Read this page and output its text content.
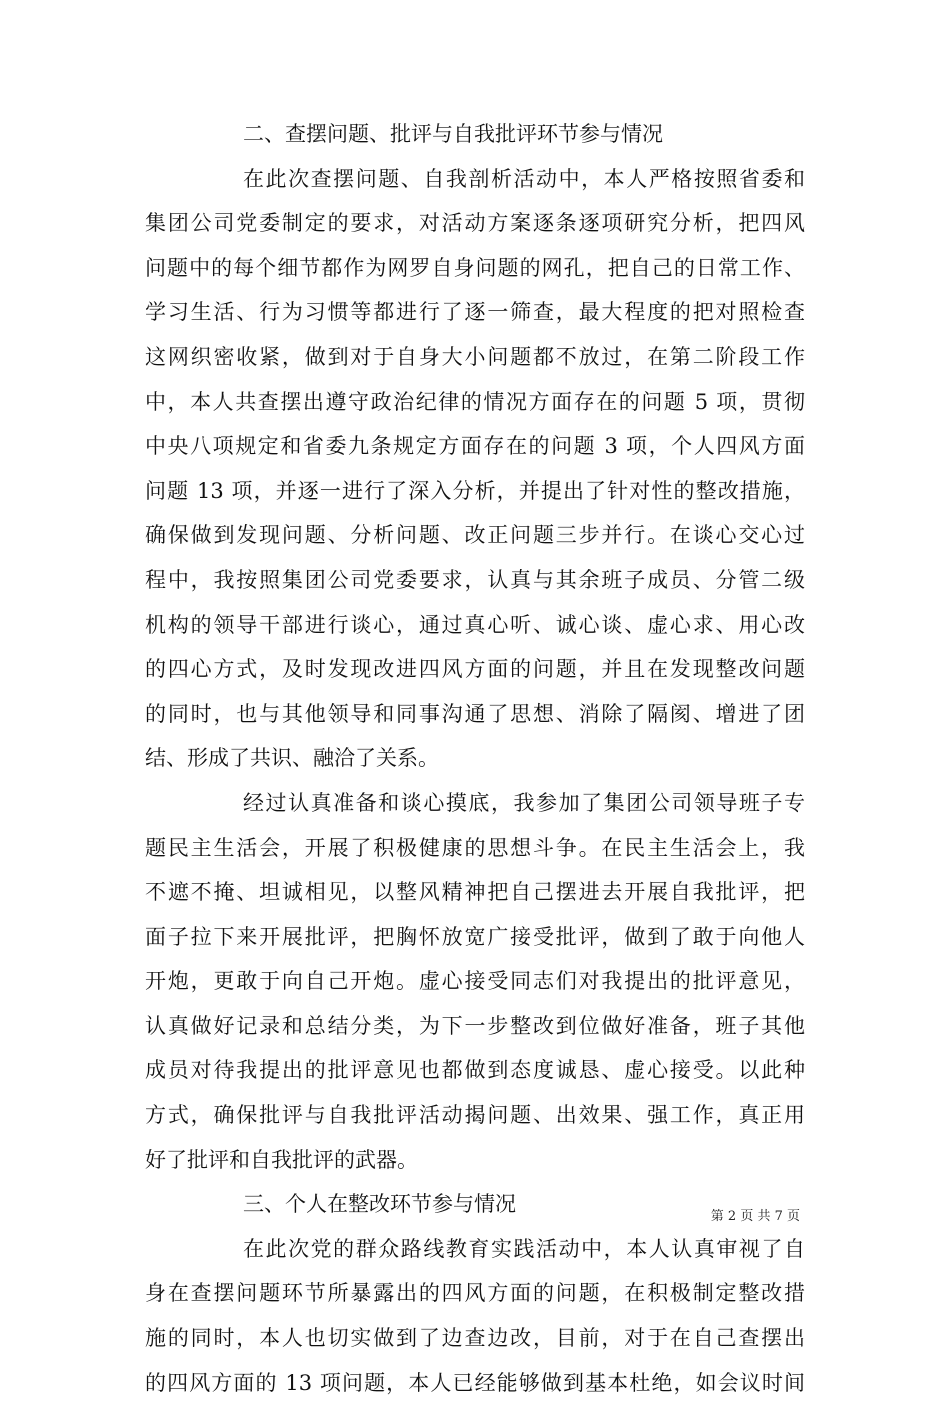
二、查摆问题、批评与自我批评环节参与情况
在此次查摆问题、自我剖析活动中，本人严格按照省委和
集团公司党委制定的要求，对活动方案逐条逐项研究分析，把四风
问题中的每个细节都作为网罗自身问题的网孔，把自己的日常工作、
学习生活、行为习惯等都进行了逐一筛查，最大程度的把对照检查
这网织密收紧，做到对于自身大小问题都不放过，在第二阶段工作
中，本人共查摆出遵守政治纪律的情况方面存在的问题 5 项，贯彻
中央八项规定和省委九条规定方面存在的问题 3 项，个人四风方面
问题 13 项，并逐一进行了深入分析，并提出了针对性的整改措施，
确保做到发现问题、分析问题、改正问题三步并行。在谈心交心过
程中，我按照集团公司党委要求，认真与其余班子成员、分管二级
机构的领导干部进行谈心，通过真心听、诚心谈、虚心求、用心改
的四心方式，及时发现改进四风方面的问题，并且在发现整改问题
的同时，也与其他领导和同事沟通了思想、消除了隔阂、增进了团
结、形成了共识、融洽了关系。
经过认真准备和谈心摸底，我参加了集团公司领导班子专
题民主生活会，开展了积极健康的思想斗争。在民主生活会上，我
不遮不掩、坦诚相见，以整风精神把自己摆进去开展自我批评，把
面子拉下来开展批评，把胸怀放宽广接受批评，做到了敢于向他人
开炮，更敢于向自己开炮。虚心接受同志们对我提出的批评意见，
认真做好记录和总结分类，为下一步整改到位做好准备，班子其他
成员对待我提出的批评意见也都做到态度诚恳、虚心接受。以此种
方式，确保批评与自我批评活动揭问题、出效果、强工作，真正用
好了批评和自我批评的武器。
三、个人在整改环节参与情况
在此次党的群众路线教育实践活动中，本人认真审视了自
身在查摆问题环节所暴露出的四风方面的问题，在积极制定整改措
施的同时，本人也切实做到了边查边改，目前，对于在自己查摆出
的四风方面的 13 项问题，本人已经能够做到基本杜绝，如会议时间
第 2 页 共 7 页
